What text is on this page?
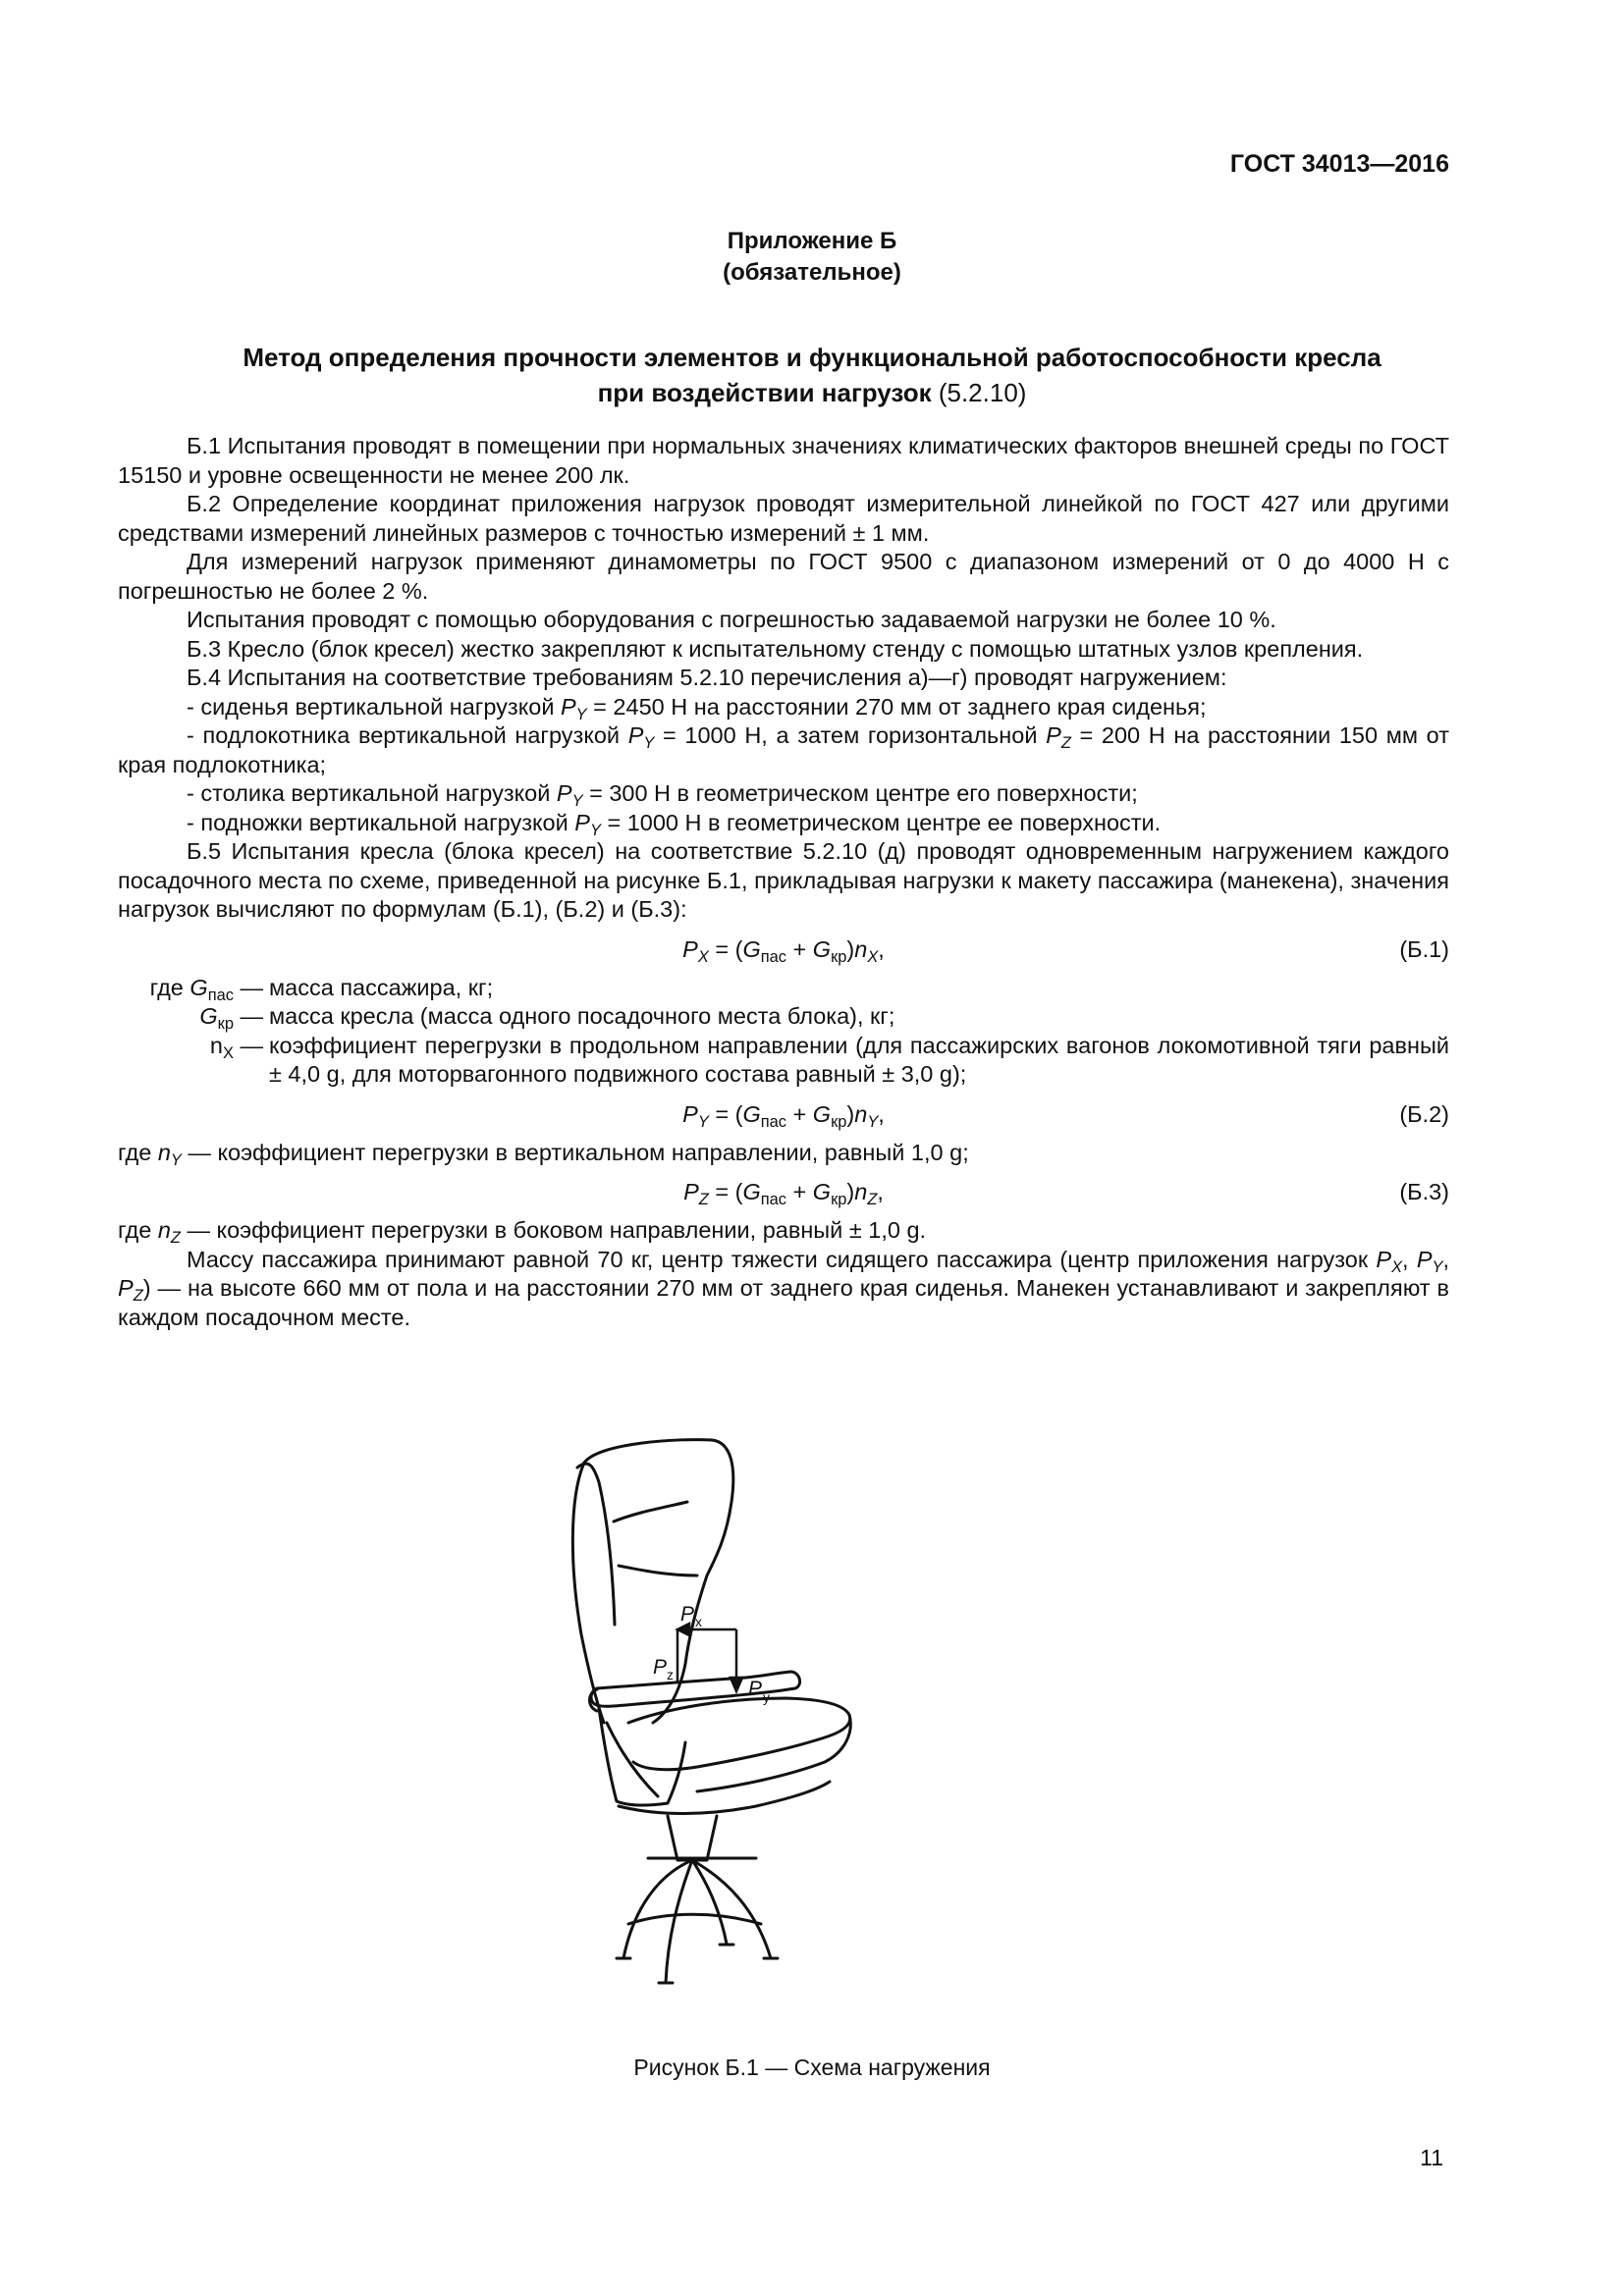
ГОСТ 34013—2016
Приложение Б
(обязательное)
Метод определения прочности элементов и функциональной работоспособности кресла
при воздействии нагрузок (5.2.10)

Б.1 Испытания проводят в помещении при нормальных значениях климатических факторов внешней среды по ГОСТ 15150 и уровне освещенности не менее 200 лк.

Б.2 Определение координат приложения нагрузок проводят измерительной линейкой по ГОСТ 427 или другими средствами измерений линейных размеров с точностью измерений ± 1 мм.

Для измерений нагрузок применяют динамометры по ГОСТ 9500 с диапазоном измерений от 0 до 4000 Н с погрешностью не более 2 %.

Испытания проводят с помощью оборудования с погрешностью задаваемой нагрузки не более 10 %.

Б.3 Кресло (блок кресел) жестко закрепляют к испытательному стенду с помощью штатных узлов крепления.

Б.4 Испытания на соответствие требованиям 5.2.10 перечисления а)—г) проводят нагружением:

- сиденья вертикальной нагрузкой $P_Y = 2450$ Н на расстоянии 270 мм от заднего края сиденья;

- подлокотника вертикальной нагрузкой $P_Y = 1000$ Н, а затем горизонтальной $P_Z = 200$ Н на расстоянии 150 мм от края подлокотника;

- столика вертикальной нагрузкой $P_Y = 300$ Н в геометрическом центре его поверхности;

- подножки вертикальной нагрузкой $P_Y = 1000$ Н в геометрическом центре ее поверхности.

Б.5 Испытания кресла (блока кресел) на соответствие 5.2.10 (д) проводят одновременным нагружением каждого посадочного места по схеме, приведенной на рисунке Б.1, прикладывая нагрузки к макету пассажира (манекена), значения нагрузок вычисляют по формулам (Б.1), (Б.2) и (Б.3):

$P_X = (G_{пас} + G_{кр})n_X$,	(Б.1)
где $G_{пас}$ — масса пассажира, кг;
$G_{кр}$ — масса кресла (масса одного посадочного места блока), кг;
$n_X$ — коэффициент перегрузки в продольном направлении (для пассажирских вагонов локомотивной тяги равный ± 4,0 g, для моторвагонного подвижного состава равный ± 3,0 g);
$P_Y = (G_{пас} + G_{кр})n_Y$,	(Б.2)

где $n_Y$ — коэффициент перегрузки в вертикальном направлении, равный 1,0 g;

$P_Z = (G_{пас} + G_{кр})n_Z$,	(Б.3)

где $n_Z$ — коэффициент перегрузки в боковом направлении, равный ± 1,0 g.

Массу пассажира принимают равной 70 кг, центр тяжести сидящего пассажира (центр приложения нагрузок $P_X$, $P_Y$, $P_Z$) — на высоте 660 мм от пола и на расстоянии 270 мм от заднего края сиденья. Манекен устанавливают и закрепляют в каждом посадочном месте.

P x
P z
P y
Рисунок Б.1 — Схема нагружения
11
